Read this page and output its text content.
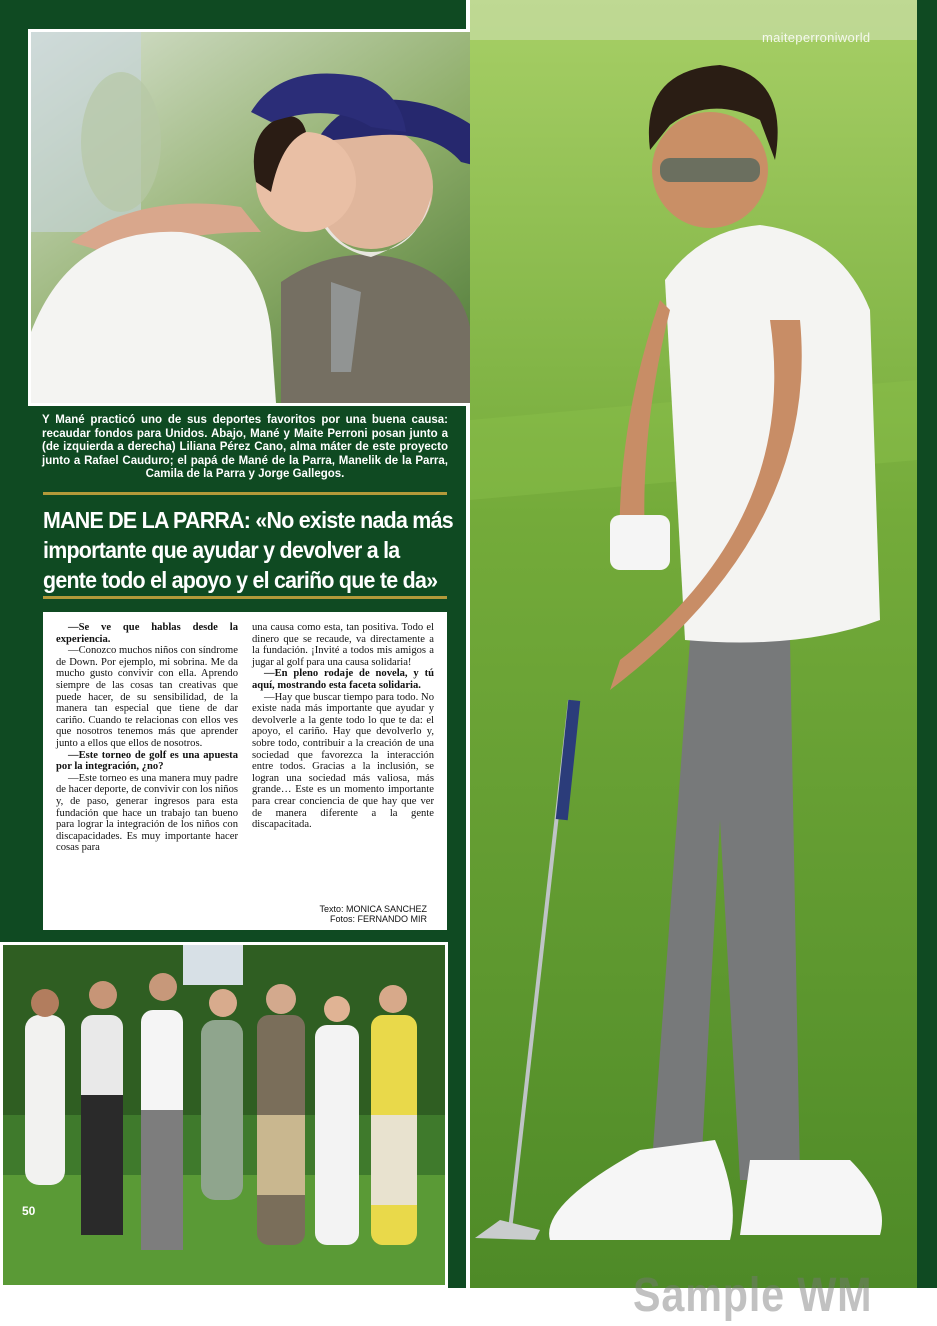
Y Mané practicó uno de sus deportes favoritos por una buena causa: recaudar fondos para Unidos. Abajo, Mané y Maite Perroni posan junto a (de izquierda a derecha) Liliana Pérez Cano, alma máter de este proyecto junto a Rafael Cauduro; el papá de Mané de la Parra, Manelik de la Parra, Camila de la Parra y Jorge Gallegos.
MANE DE LA PARRA: «No existe nada más
importante que ayudar y devolver a la
gente todo el apoyo y el cariño que te da»

—Se ve que hablas desde la experiencia.

—Conozco muchos niños con síndrome de Down. Por ejemplo, mi sobrina. Me da mucho gusto convivir con ella. Aprendo siempre de las cosas tan creativas que puede hacer, de su sensibilidad, de la manera tan especial que tiene de dar cariño. Cuando te relacionas con ellos ves que nosotros tenemos más que aprender junto a ellos que ellos de nosotros.

—Este torneo de golf es una apuesta por la integración, ¿no?

—Este torneo es una manera muy padre de hacer deporte, de convivir con los niños y, de paso, generar ingresos para esta fundación que hace un trabajo tan bueno para lograr la integración de los niños con discapacidades. Es muy importante hacer cosas para

una causa como esta, tan positiva. Todo el dinero que se recaude, va directamente a la fundación. ¡Invité a todos mis amigos a jugar al golf para una causa solidaria!

—En pleno rodaje de novela, y tú aquí, mostrando esta faceta solidaria.

—Hay que buscar tiempo para todo. No existe nada más importante que ayudar y devolverle a la gente todo lo que te da: el apoyo, el cariño. Hay que devolverlo y, sobre todo, contribuir a la creación de una sociedad que favorezca la interacción entre todos. Gracias a la inclusión, se logran una sociedad más valiosa, más grande… Este es un momento importante para crear conciencia de que hay que ver de manera diferente a la gente discapacitada.

Texto: MONICA SANCHEZ
Fotos: FERNANDO MIR
50
maiteperroniworld
Sample WM
